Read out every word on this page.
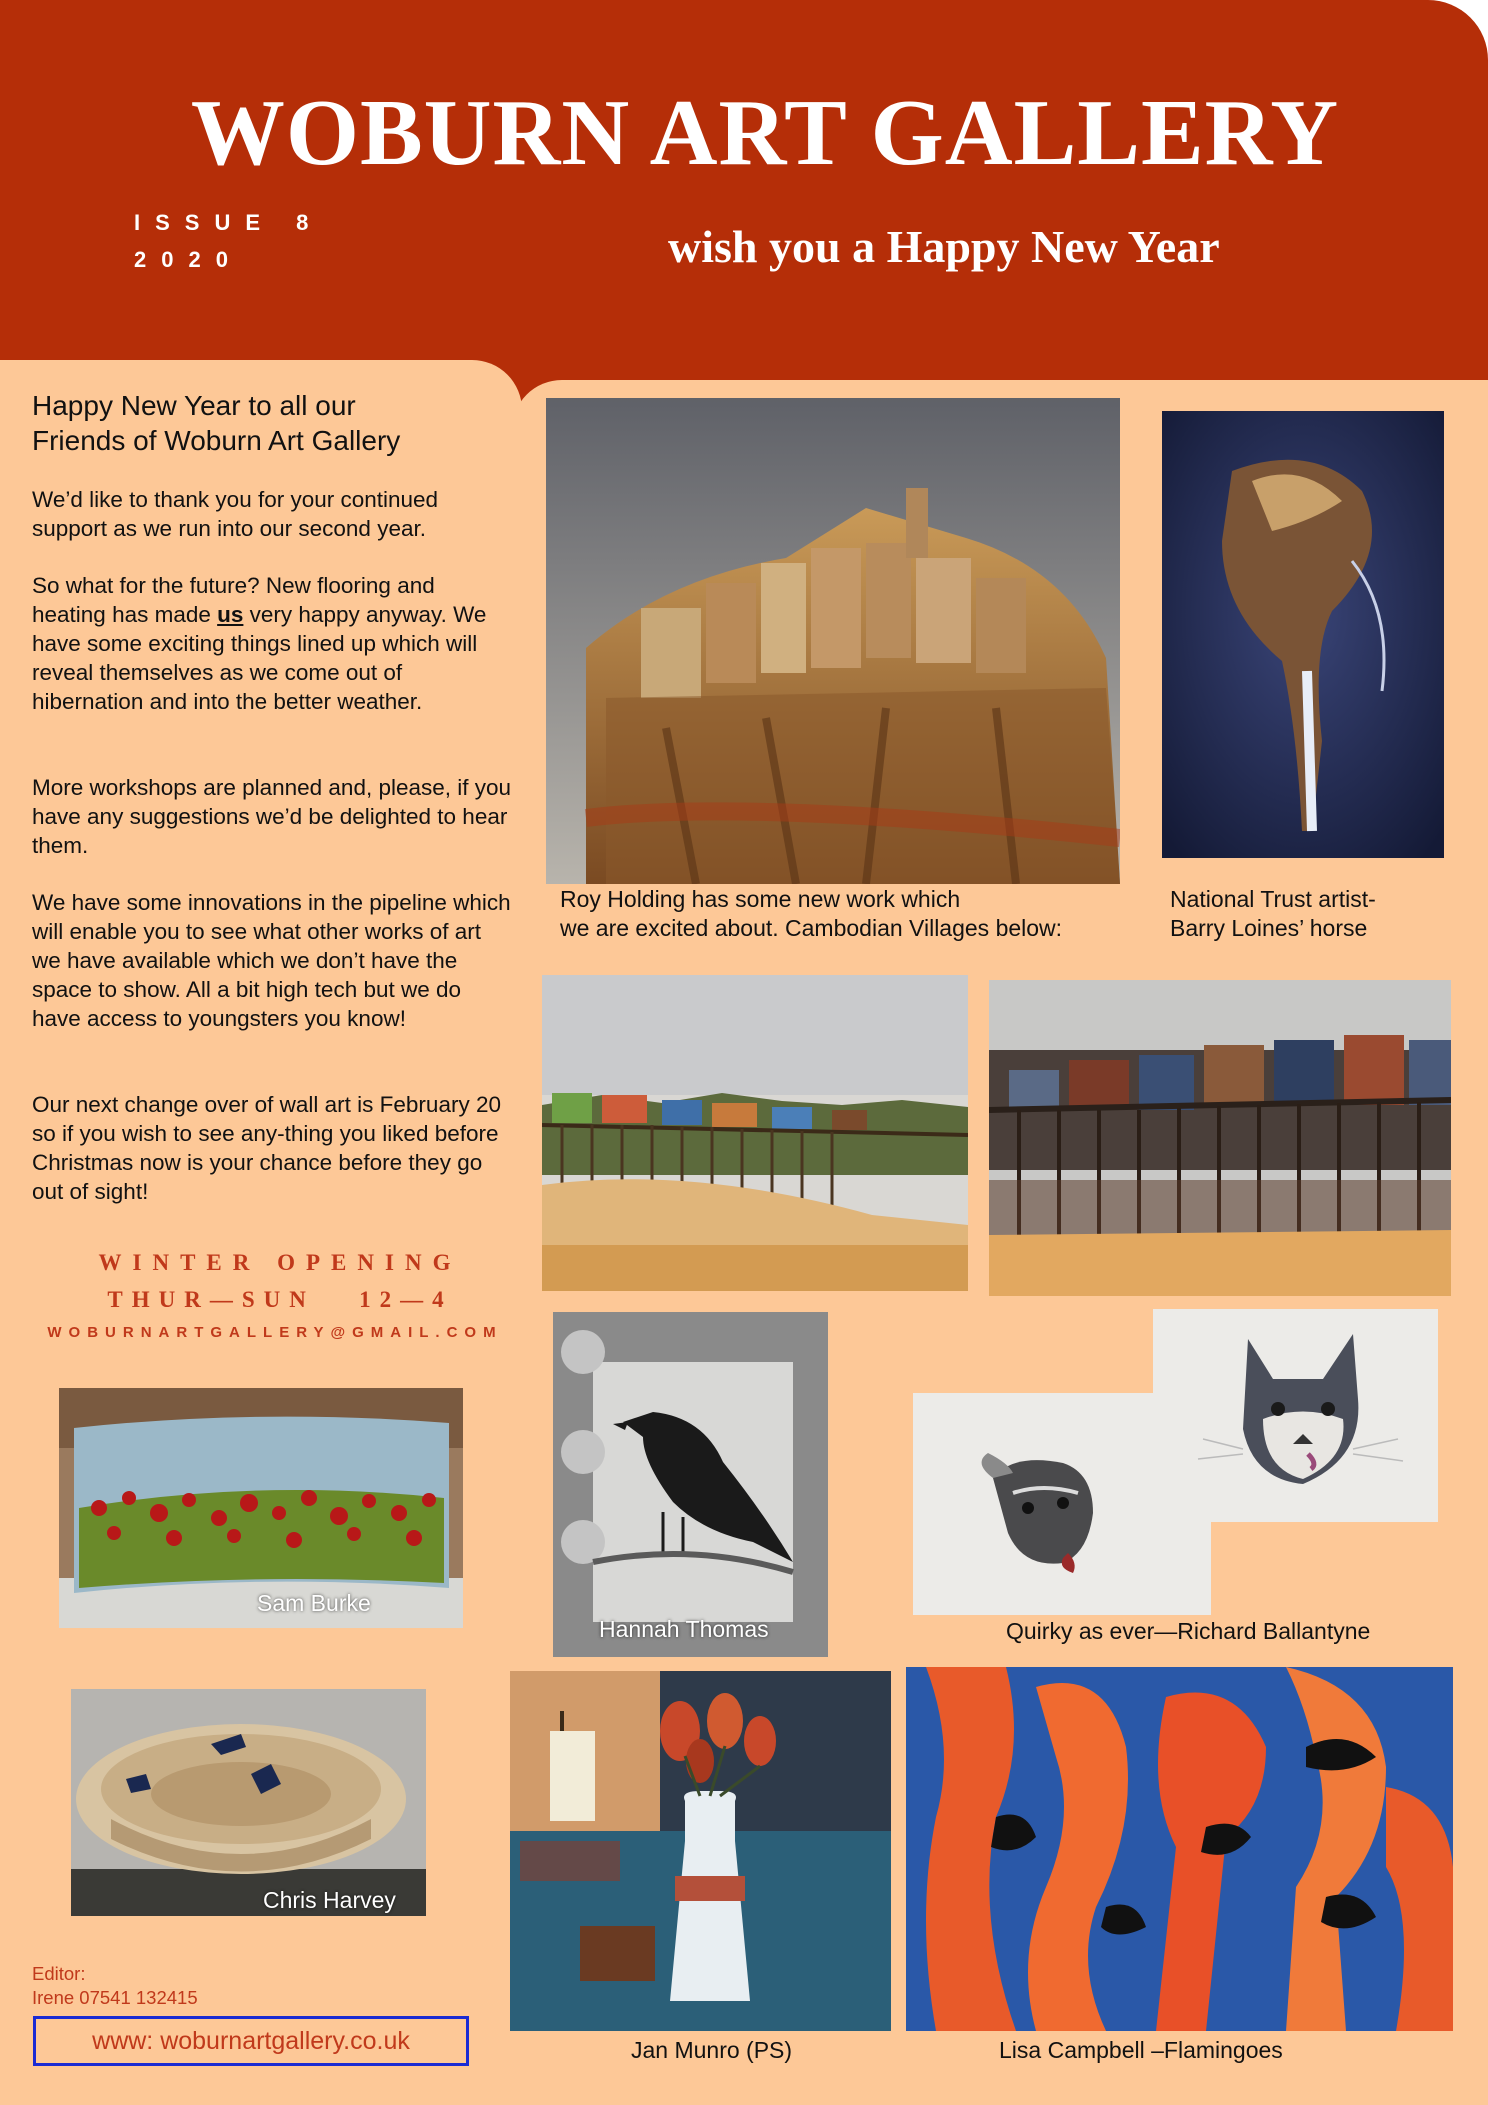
WOBURN ART GALLERY
ISSUE 8
2020	wish you a Happy New Year
Happy New Year to all our
Friends of Woburn Art Gallery

We’d like to thank you for your continued support as we run into our second year.

So what for the future? New flooring and heating has made us very happy anyway. We have some exciting things lined up which will reveal themselves as we come out of hibernation and into the better weather.

More workshops are planned and, please, if you have any suggestions we’d be delighted to hear them.

We have some innovations in the pipeline which will enable you to see what other works of art we have available which we don’t have the space to show. All a bit high tech but we do have access to youngsters you know!

Our next change over of wall art is February 20 so if you wish to see any-thing you liked before Christmas now is your chance before they go out of sight!

WINTER OPENING
THUR—SUN   12—4
WOBURNARTGALLERY@GMAIL.COM
Sam Burke
Hannah Thomas
Chris Harvey
Roy Holding has some new work which
we are excited about. Cambodian Villages below:
National Trust artist-
Barry Loines’ horse
Quirky as ever—Richard Ballantyne
Jan Munro (PS)	Lisa Campbell –Flamingoes
Editor:
Irene 07541 132415
www: woburnartgallery.co.uk
